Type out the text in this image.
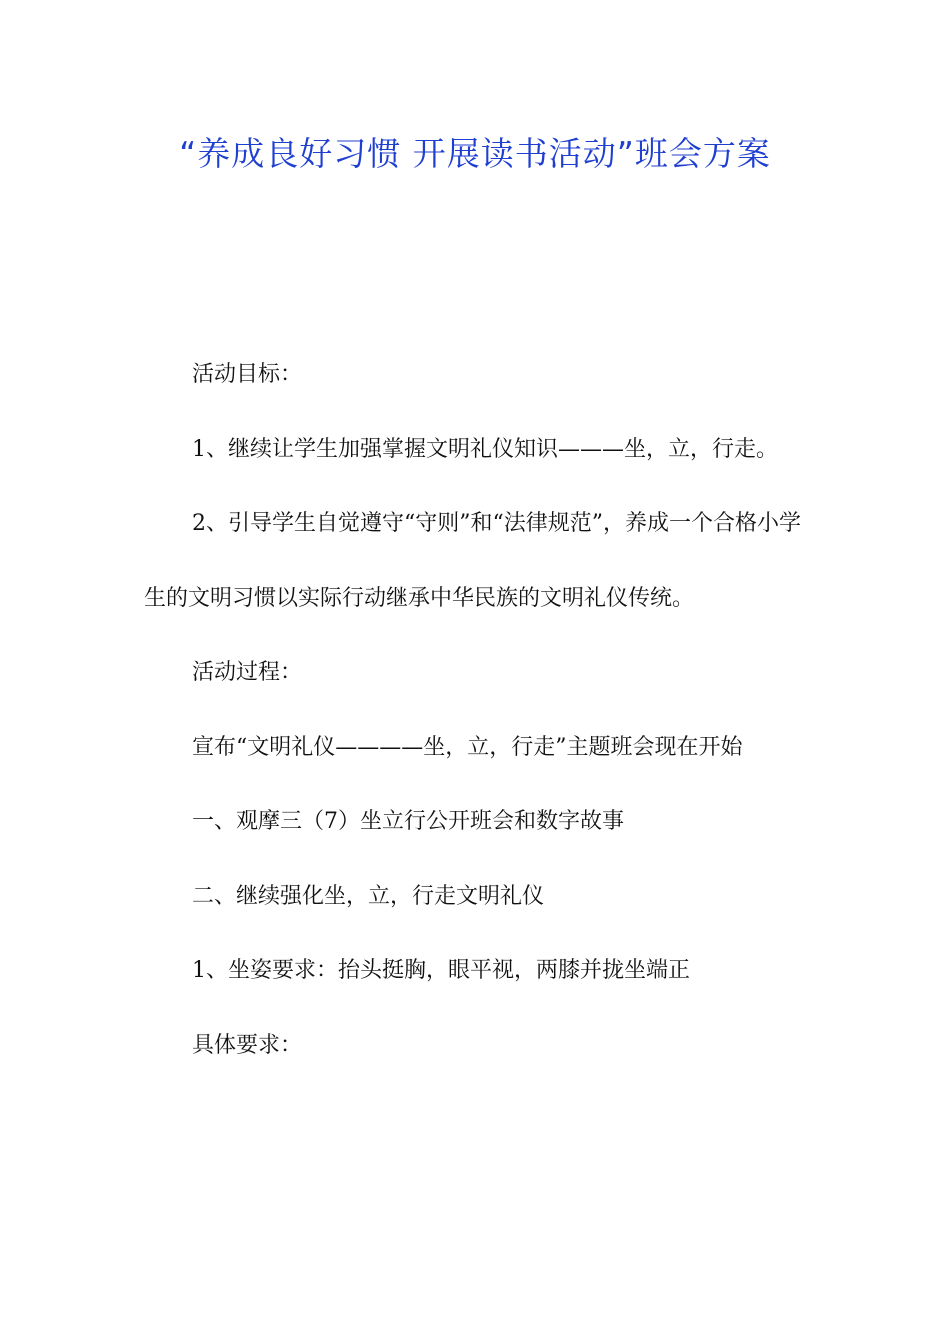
“养成良好习惯 开展读书活动”班会方案

活动目标：

1、继续让学生加强掌握文明礼仪知识———坐，立，行走。

2、引导学生自觉遵守“守则”和“法律规范”，养成一个合格小学生的文明习惯以实际行动继承中华民族的文明礼仪传统。

活动过程：

宣布“文明礼仪————坐，立，行走”主题班会现在开始

一、观摩三（7）坐立行公开班会和数字故事

二、继续强化坐，立，行走文明礼仪

1、坐姿要求：抬头挺胸，眼平视，两膝并拢坐端正

具体要求：
